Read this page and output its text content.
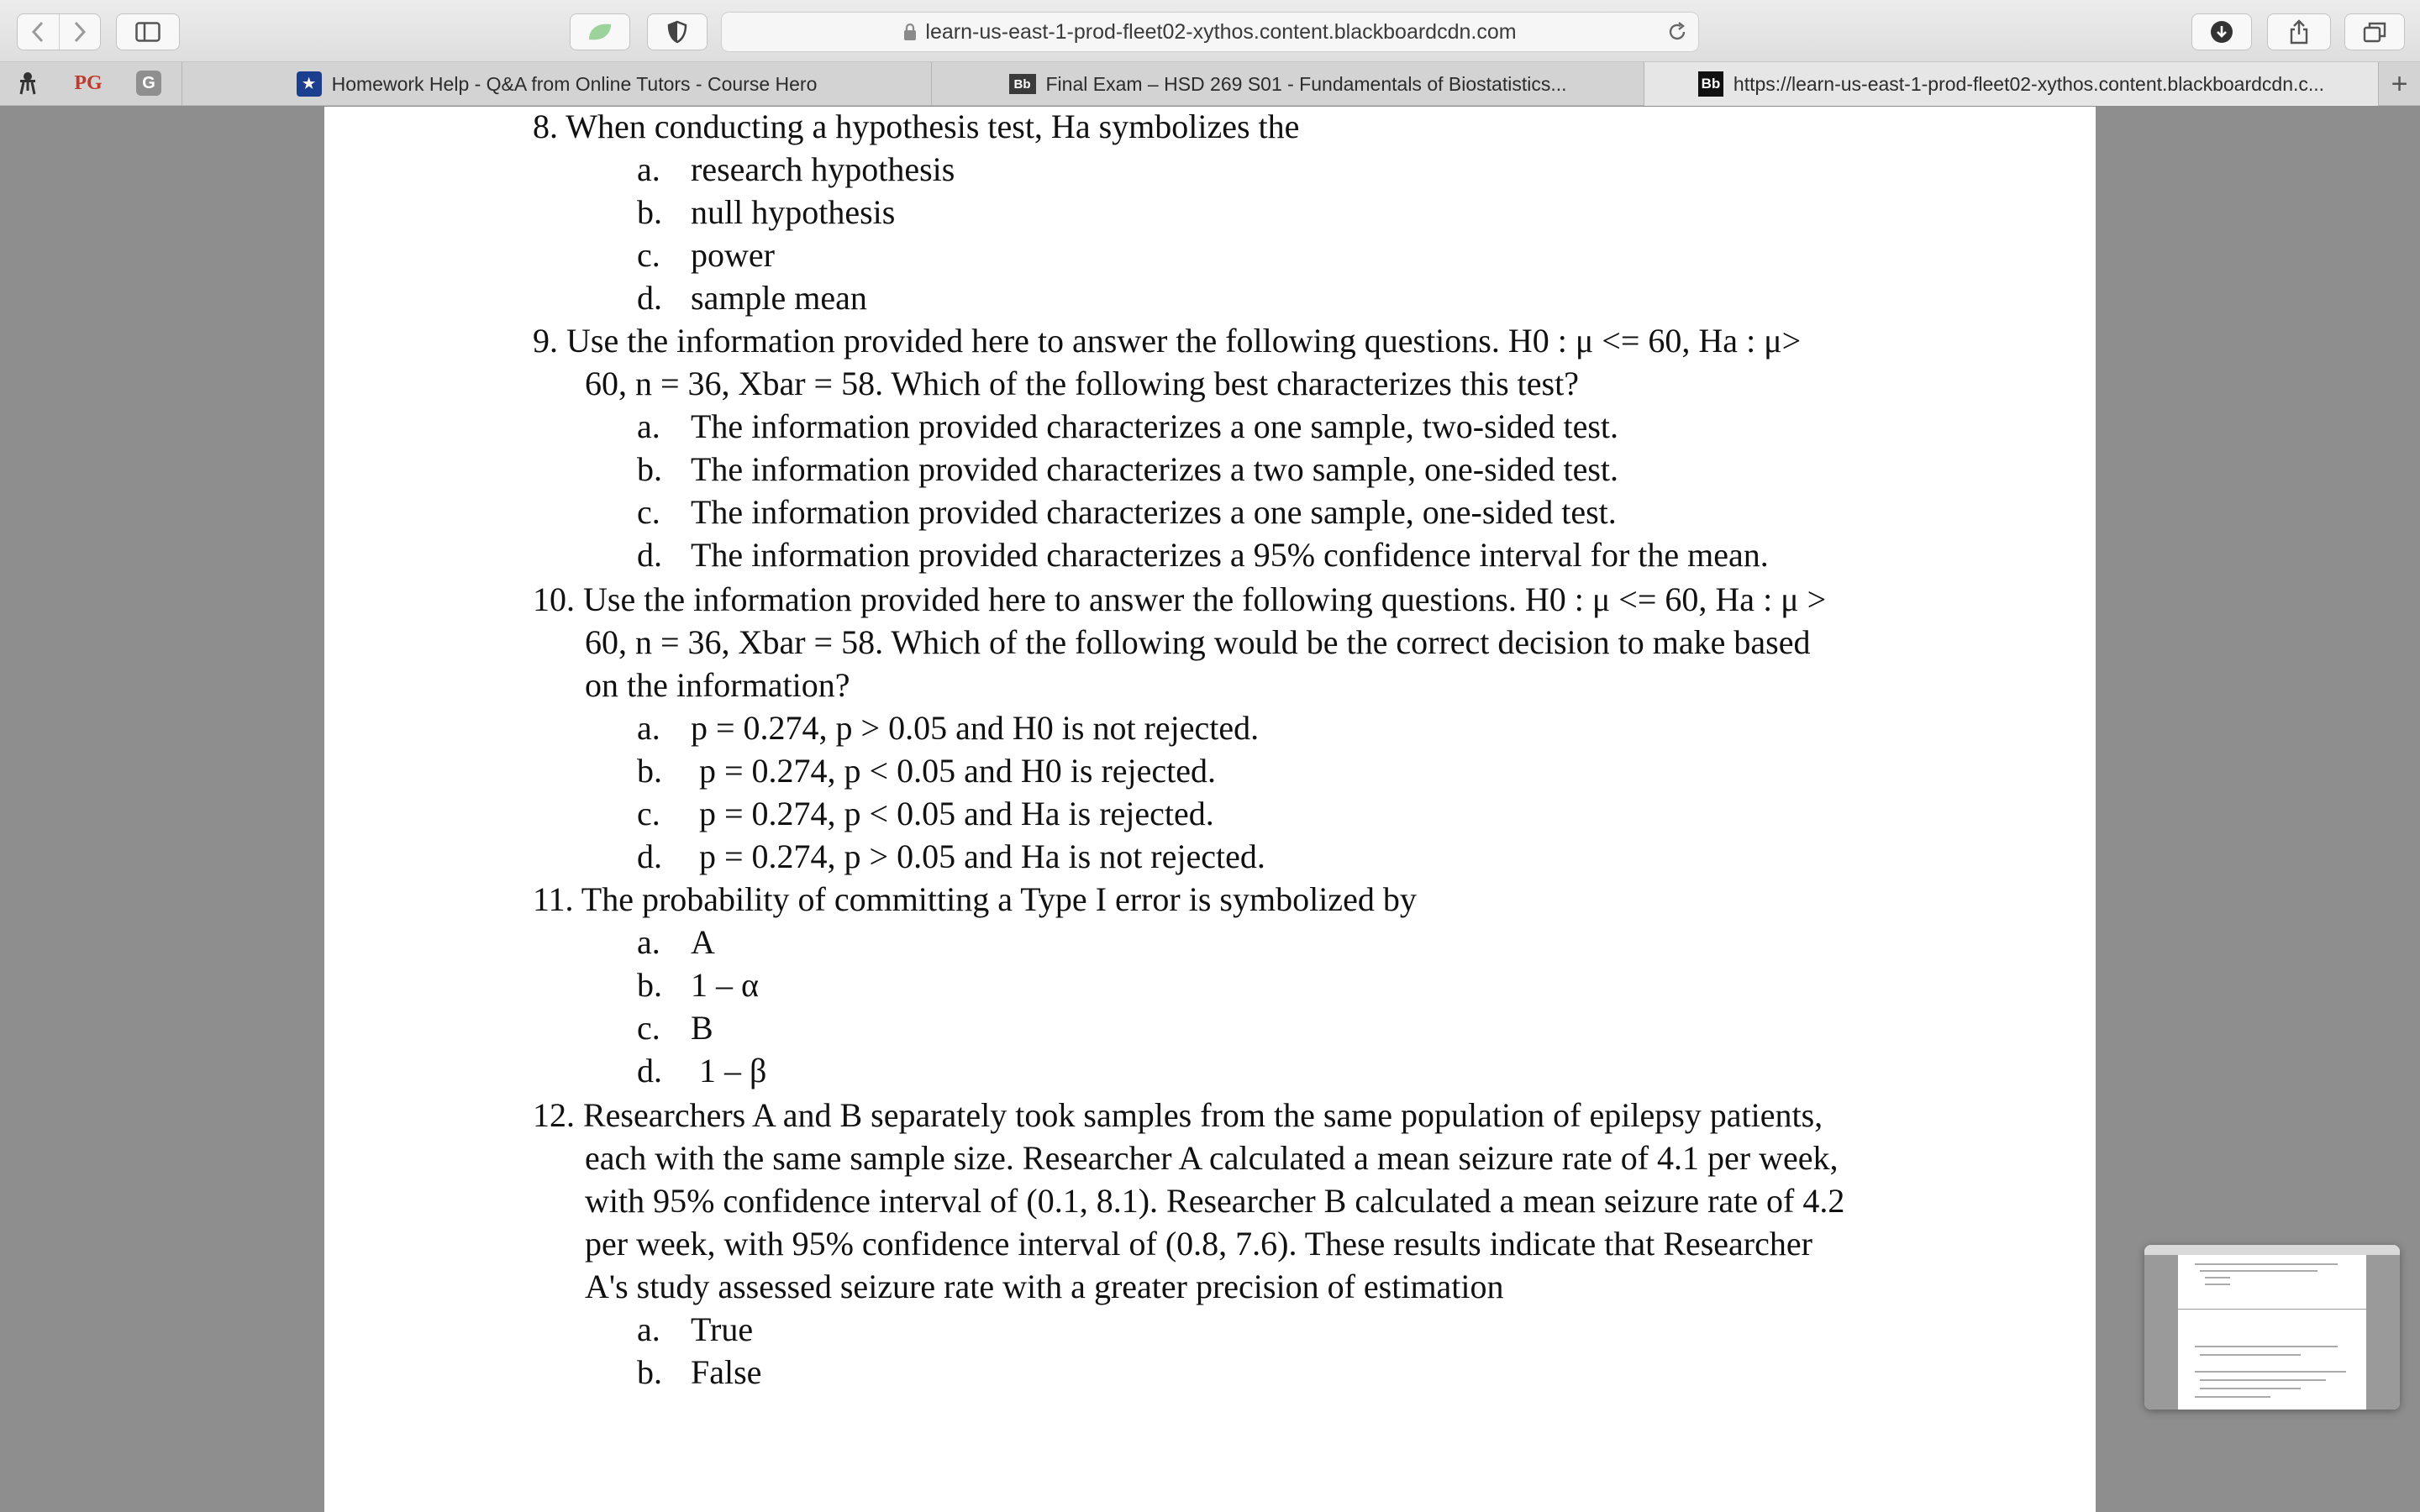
learn-us-east-1-prod-fleet02-xythos.content.blackboardcdn.com
PG	G	★ Homework Help - Q&A from Online Tutors - Course Hero	Bb Final Exam – HSD 269 S01 - Fundamentals of Biostatistics...	Bb https://learn-us-east-1-prod-fleet02-xythos.content.blackboardcdn.c... +
8. When conducting a hypothesis test, Ha symbolizes the
a. research hypothesis
b. null hypothesis
c. power
d. sample mean
9. Use the information provided here to answer the following questions. H0 : μ <= 60, Ha : μ>
60, n = 36, Xbar = 58. Which of the following best characterizes this test?
a. The information provided characterizes a one sample, two-sided test.
b. The information provided characterizes a two sample, one-sided test.
c. The information provided characterizes a one sample, one-sided test.
d. The information provided characterizes a 95% confidence interval for the mean.
10. Use the information provided here to answer the following questions. H0 : μ <= 60, Ha : μ >
60, n = 36, Xbar = 58. Which of the following would be the correct decision to make based
on the information?
a. p = 0.274, p > 0.05 and H0 is not rejected.
b. p = 0.274, p < 0.05 and H0 is rejected.
c. p = 0.274, p < 0.05 and Ha is rejected.
d. p = 0.274, p > 0.05 and Ha is not rejected.
11. The probability of committing a Type I error is symbolized by
a. A
b. 1 – α
c. B
d. 1 – β
12. Researchers A and B separately took samples from the same population of epilepsy patients,
each with the same sample size. Researcher A calculated a mean seizure rate of 4.1 per week,
with 95% confidence interval of (0.1, 8.1). Researcher B calculated a mean seizure rate of 4.2
per week, with 95% confidence interval of (0.8, 7.6). These results indicate that Researcher
A's study assessed seizure rate with a greater precision of estimation
a. True
b. False
